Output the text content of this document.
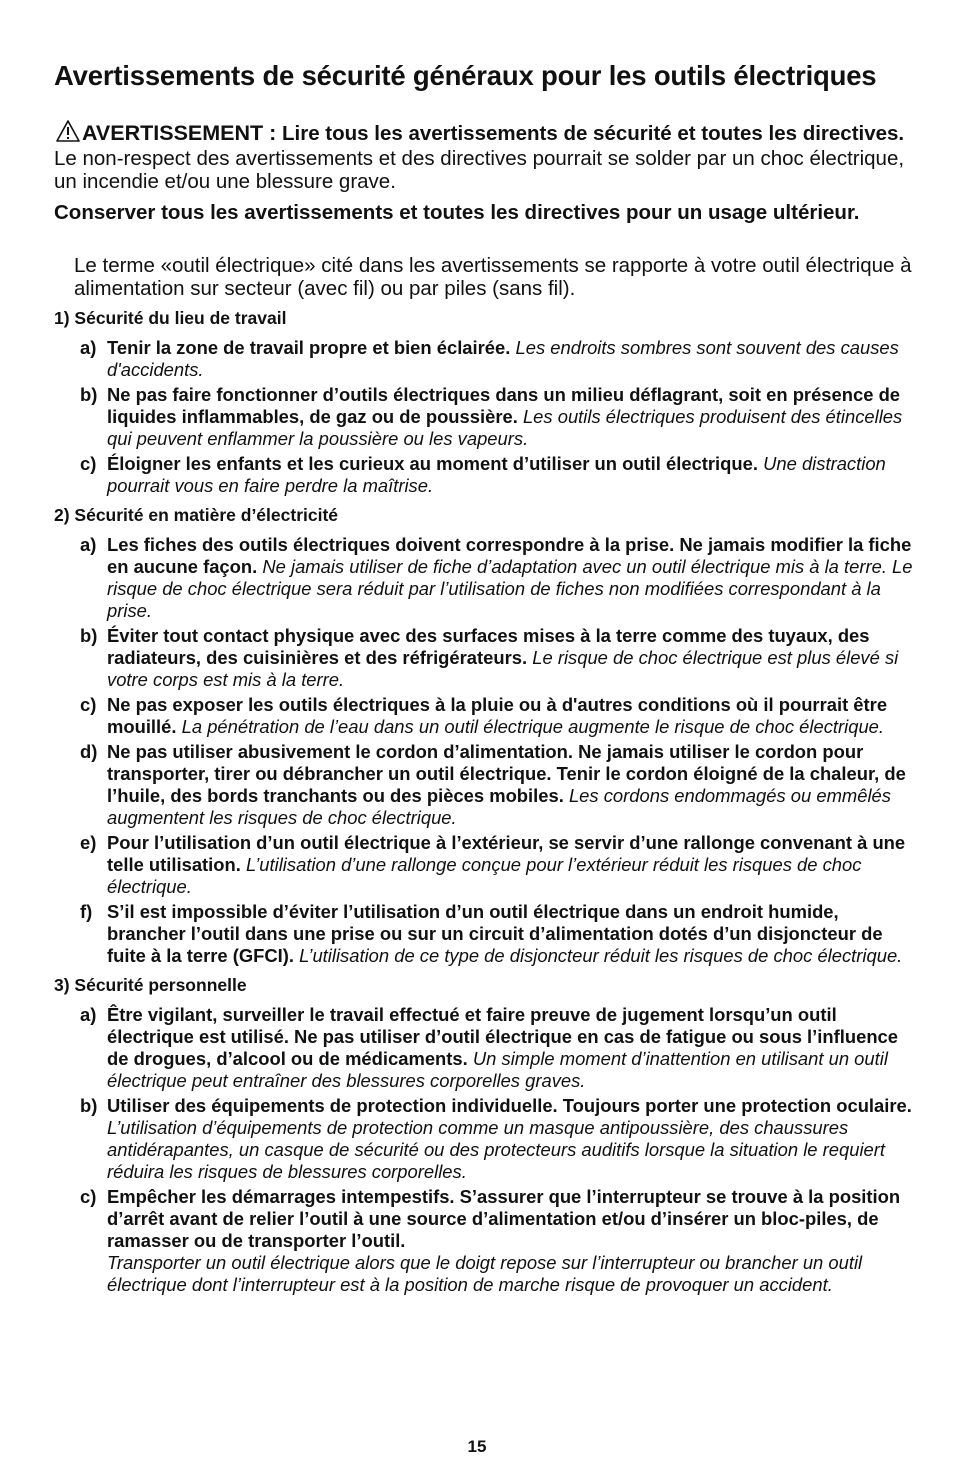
Avertissements de sécurité généraux pour les outils électriques

AVERTISSEMENT : Lire tous les avertissements de sécurité et toutes les directives. Le non-respect des avertissements et des directives pourrait se solder par un choc électrique, un incendie et/ou une blessure grave.

Conserver tous les avertissements et toutes les directives pour un usage ultérieur.

Le terme «outil électrique» cité dans les avertissements se rapporte à votre outil électrique à alimentation sur secteur (avec fil) ou par piles (sans fil).

1) Sécurité du lieu de travail

a) Tenir la zone de travail propre et bien éclairée. Les endroits sombres sont souvent des causes d'accidents.

b) Ne pas faire fonctionner d’outils électriques dans un milieu déflagrant, soit en présence de liquides inflammables, de gaz ou de poussière. Les outils électriques produisent des étincelles qui peuvent enflammer la poussière ou les vapeurs.

c) Éloigner les enfants et les curieux au moment d’utiliser un outil électrique. Une distraction pourrait vous en faire perdre la maîtrise.

2) Sécurité en matière d’électricité

a) Les fiches des outils électriques doivent correspondre à la prise. Ne jamais modifier la fiche en aucune façon. Ne jamais utiliser de fiche d’adaptation avec un outil électrique mis à la terre. Le risque de choc électrique sera réduit par l’utilisation de fiches non modifiées correspondant à la prise.

b) Éviter tout contact physique avec des surfaces mises à la terre comme des tuyaux, des radiateurs, des cuisinières et des réfrigérateurs. Le risque de choc électrique est plus élevé si votre corps est mis à la terre.

c) Ne pas exposer les outils électriques à la pluie ou à d'autres conditions où il pourrait être mouillé. La pénétration de l’eau dans un outil électrique augmente le risque de choc électrique.

d) Ne pas utiliser abusivement le cordon d’alimentation. Ne jamais utiliser le cordon pour transporter, tirer ou débrancher un outil électrique. Tenir le cordon éloigné de la chaleur, de l’huile, des bords tranchants ou des pièces mobiles. Les cordons endommagés ou emmêlés augmentent les risques de choc électrique.

e) Pour l’utilisation d’un outil électrique à l’extérieur, se servir d’une rallonge convenant à une telle utilisation. L’utilisation d’une rallonge conçue pour l’extérieur réduit les risques de choc électrique.

f) S’il est impossible d’éviter l’utilisation d’un outil électrique dans un endroit humide, brancher l’outil dans une prise ou sur un circuit d’alimentation dotés d’un disjoncteur de fuite à la terre (GFCI). L’utilisation de ce type de disjoncteur réduit les risques de choc électrique.

3) Sécurité personnelle

a) Être vigilant, surveiller le travail effectué et faire preuve de jugement lorsqu’un outil électrique est utilisé. Ne pas utiliser d’outil électrique en cas de fatigue ou sous l’influence de drogues, d’alcool ou de médicaments. Un simple moment d’inattention en utilisant un outil électrique peut entraîner des blessures corporelles graves.

b) Utiliser des équipements de protection individuelle. Toujours porter une protection oculaire. L’utilisation d’équipements de protection comme un masque antipoussière, des chaussures antidérapantes, un casque de sécurité ou des protecteurs auditifs lorsque la situation le requiert réduira les risques de blessures corporelles.

c) Empêcher les démarrages intempestifs. S’assurer que l’interrupteur se trouve à la position d’arrêt avant de relier l’outil à une source d’alimentation et/ou d’insérer un bloc-piles, de ramasser ou de transporter l’outil.
Transporter un outil électrique alors que le doigt repose sur l’interrupteur ou brancher un outil électrique dont l’interrupteur est à la position de marche risque de provoquer un accident.

15
